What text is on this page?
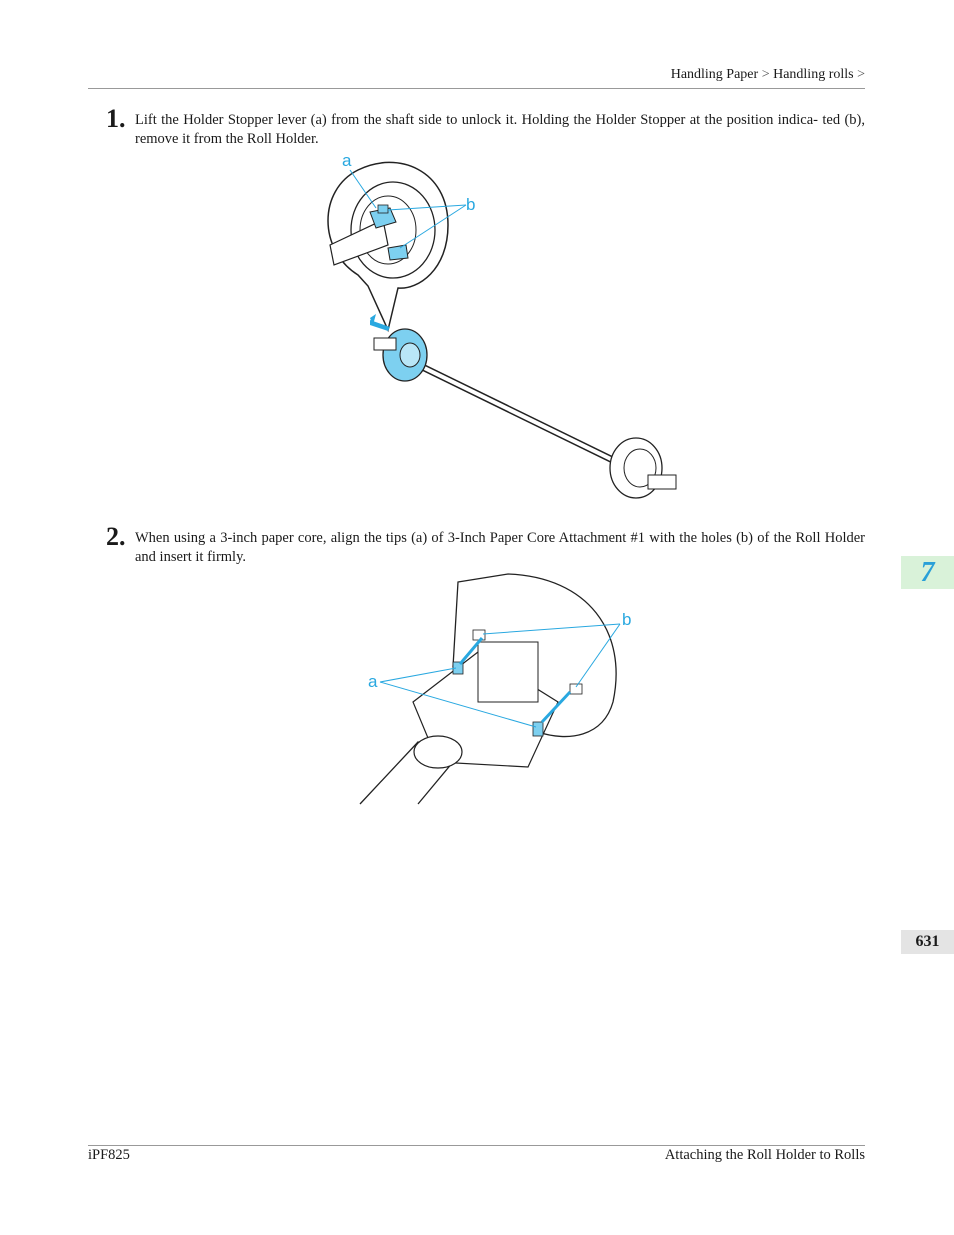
Handling Paper > Handling rolls >
1. Lift the Holder Stopper lever (a) from the shaft side to unlock it. Holding the Holder Stopper at the position indica- ted (b), remove it from the Roll Holder.
a
b
2. When using a 3-inch paper core, align the tips (a) of 3-Inch Paper Core Attachment #1 with the holes (b) of the Roll Holder and insert it firmly.
b
a
7
631
iPF825	Attaching the Roll Holder to Rolls
